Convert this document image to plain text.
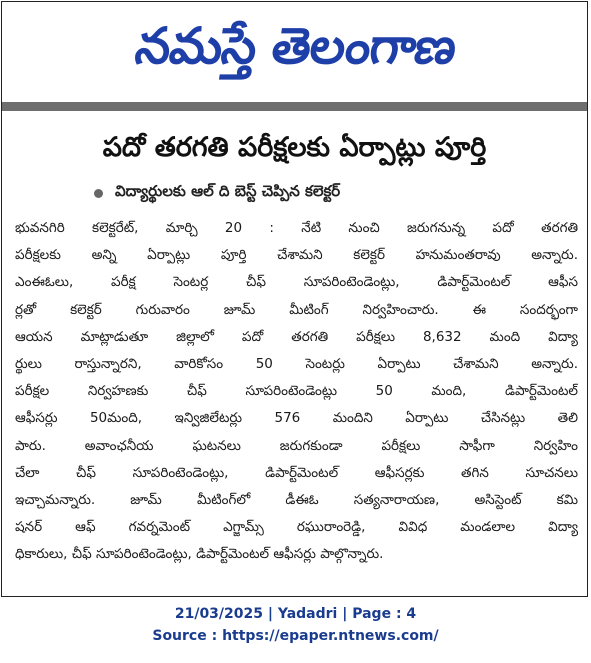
నమస్తే తెలంగాణ
పదో తరగతి పరీక్షలకు ఏర్పాట్లు పూర్తి
విద్యార్థులకు ఆల్ ది బెస్ట్ చెప్పిన కలెక్టర్
భువనగిరి కలెక్టరేట్, మార్చి 20 : నేటి నుంచి జరుగనున్న పదో తరగతి
పరీక్షలకు అన్ని ఏర్పాట్లు పూర్తి చేశామని కలెక్టర్ హనుమంతరావు అన్నారు.
ఎంఈఓలు, పరీక్ష సెంటర్ల చీఫ్ సూపరింటెండెంట్లు, డిపార్ట్‌మెంటల్ ఆఫీస
ర్లతో కలెక్టర్ గురువారం జూమ్ మీటింగ్ నిర్వహించారు. ఈ సందర్భంగా
ఆయన మాట్లాడుతూ జిల్లాలో పదో తరగతి పరీక్షలు 8,632 మంది విద్యా
ర్థులు రాస్తున్నారని, వారికోసం 50 సెంటర్లు ఏర్పాటు చేశామని అన్నారు.
పరీక్షల నిర్వహణకు చీఫ్ సూపరింటెండెంట్లు 50 మంది, డిపార్ట్‌మెంటల్
ఆఫీసర్లు 50మంది, ఇన్విజిలేటర్లు 576 మందిని ఏర్పాటు చేసినట్లు తెలి
పారు. అవాంఛనీయ ఘటనలు జరుగకుండా పరీక్షలు సాఫీగా నిర్వహిం
చేలా చీఫ్ సూపరింటెండెంట్లు, డిపార్ట్‌మెంటల్ ఆఫీసర్లకు తగిన సూచనలు
ఇచ్చామన్నారు. జూమ్ మీటింగ్‌లో డీఈఓ సత్యనారాయణ, అసిస్టెంట్ కమి
షనర్ ఆఫ్ గవర్నమెంట్ ఎగ్జామ్స్ రఘురాంరెడ్డి, వివిధ మండలాల విద్యా
ధికారులు, చీఫ్ సూపరింటెండెంట్లు, డిపార్ట్‌మెంటల్ ఆఫీసర్లు పాల్గొన్నారు.
21/03/2025 | Yadadri | Page : 4
Source : https://epaper.ntnews.com/
